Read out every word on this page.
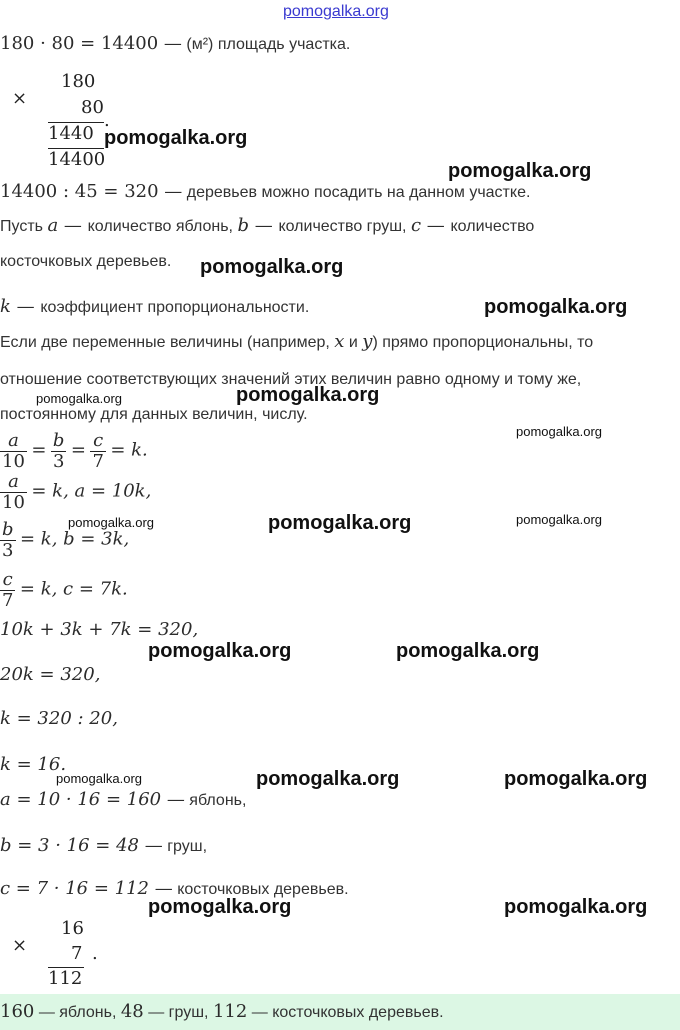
pomogalka.org
180 · 80 = 14400 — (м²) площадь участка.
×
180
80
1440
.
14400
14400 : 45 = 320 — деревьев можно посадить на данном участке.
Пусть a — количество яблонь, b — количество груш, c — количество
косточковых деревьев.
k — коэффициент пропорциональности.
Если две переменные величины (например, x и y) прямо пропорциональны, то
отношение соответствующих значений этих величин равно одному и тому же,
постоянному для данных величин, числу.
$\frac{a}{10} = \frac{b}{3} = \frac{c}{7} = k$.
$\frac{a}{10} = k$, a = 10k,
$\frac{b}{3} = k$, b = 3k,
$\frac{c}{7} = k$, c = 7k.
10k + 3k + 7k = 320,
20k = 320,
k = 320 : 20,
k = 16.
a = 10 · 16 = 160 — яблонь,
b = 3 · 16 = 48 — груш,
c = 7 · 16 = 112 — косточковых деревьев.
×
16
7
112
.
160 — яблонь, 48 — груш, 112 — косточковых деревьев.
pomogalka.org
pomogalka.org
pomogalka.org
pomogalka.org
pomogalka.org
pomogalka.org
pomogalka.org
pomogalka.org	pomogalka.org	pomogalka.org
pomogalka.org	pomogalka.org
pomogalka.org	pomogalka.org	pomogalka.org
pomogalka.org	pomogalka.org
